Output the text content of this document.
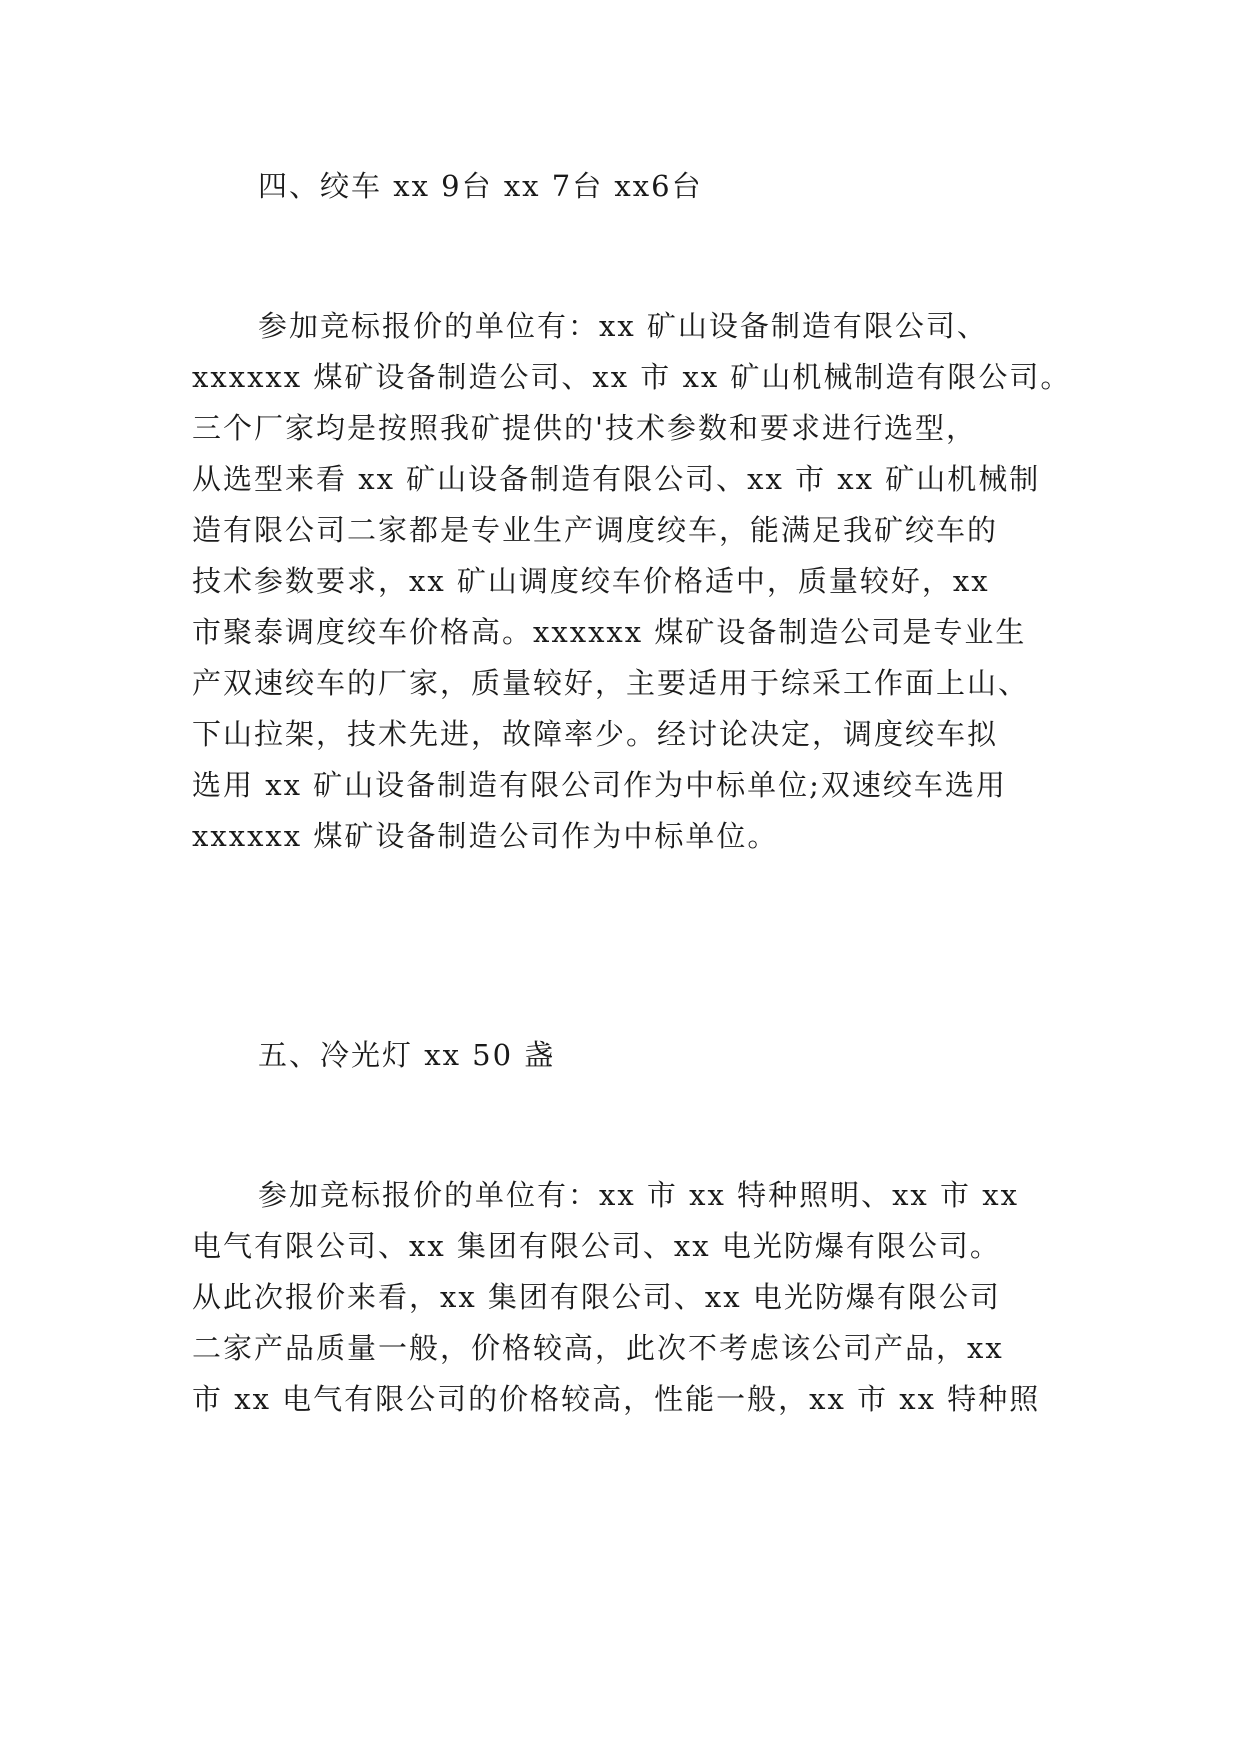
四、绞车 xx 9台 xx 7台 xx6台
参加竞标报价的单位有：xx 矿山设备制造有限公司、
xxxxxx 煤矿设备制造公司、xx 市 xx 矿山机械制造有限公司。
三个厂家均是按照我矿提供的'技术参数和要求进行选型，
从选型来看 xx 矿山设备制造有限公司、xx 市 xx 矿山机械制
造有限公司二家都是专业生产调度绞车，能满足我矿绞车的
技术参数要求，xx 矿山调度绞车价格适中，质量较好，xx
市聚泰调度绞车价格高。xxxxxx 煤矿设备制造公司是专业生
产双速绞车的厂家，质量较好，主要适用于综采工作面上山、
下山拉架，技术先进，故障率少。经讨论决定，调度绞车拟
选用 xx 矿山设备制造有限公司作为中标单位;双速绞车选用
xxxxxx 煤矿设备制造公司作为中标单位。
五、冷光灯 xx 50 盏
参加竞标报价的单位有：xx 市 xx 特种照明、xx 市 xx
电气有限公司、xx 集团有限公司、xx 电光防爆有限公司。
从此次报价来看，xx 集团有限公司、xx 电光防爆有限公司
二家产品质量一般，价格较高，此次不考虑该公司产品，xx
市 xx 电气有限公司的价格较高，性能一般，xx 市 xx 特种照
